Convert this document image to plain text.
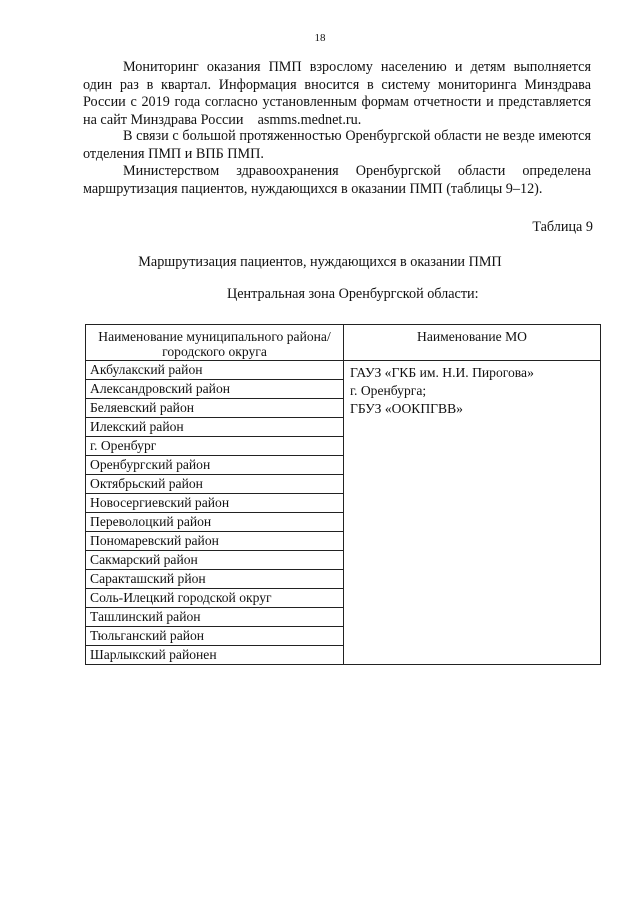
18

Мониторинг оказания ПМП взрослому населению и детям выполняется один раз в квартал. Информация вносится в систему мониторинга Минздрава России с 2019 года согласно установленным формам отчетности и представляется на сайт Минздрава России asmms.mednet.ru.

В связи с большой протяженностью Оренбургской области не везде имеются отделения ПМП и ВПБ ПМП.

Министерством здравоохранения Оренбургской области определена маршрутизация пациентов, нуждающихся в оказании ПМП (таблицы 9–12).

Таблица 9
Маршрутизация пациентов, нуждающихся в оказании ПМП
Центральная зона Оренбургской области:
Наименование муниципального района/городского округа	Наименование МО
Акбулакский район	ГАУЗ «ГКБ им. Н.И. Пирогова»
г. Оренбурга;
ГБУЗ «ООКПГВВ»

Александровский район	
Беляевский район	
Илекский район	
г. Оренбург	
Оренбургский район	
Октябрьский район	
Новосергиевский район	
Переволоцкий район	
Пономаревский район	
Сакмарский район	
Саракташский рйон	
Соль-Илецкий городской округ	
Ташлинский район	
Тюльганский район	
Шарлыкский районен	
